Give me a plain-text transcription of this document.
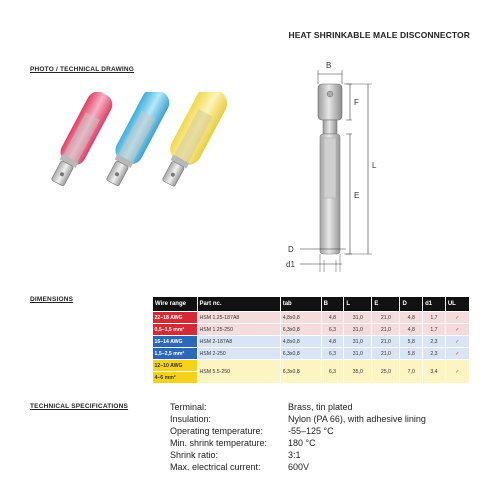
HEAT SHRINKABLE MALE DISCONNECTOR
PHOTO / TECHNICAL DRAWING	B
F
E
L
D
d1
DIMENSIONS
Wire range	Part nc.	tab	B	L	E	D	d1	UL
22–18 AWG	HSM 1.25-187A8	4,8x0,8	4,8	31,0	21,0	4,8	1,7	✓
0,5–1,5 mm²	HSM 1.25-250	6,3x0,8	6,3	31,0	21,0	4,8	1,7	✓
16–14 AWG	HSM 2-187A8	4,8x0,8	4,8	31,0	21,0	5,8	2,3	✓
1,5–2,5 mm²	HSM 2-250	6,3x0,8	6,3	31,0	21,0	5,8	2,3	✓
12–10 AWG	HSM 5.5-250	6,3x0,8	6,3	35,0	25,0	7,0	3,4	✓
4–6 mm²								
TECHNICAL SPECIFICATIONS	Terminal:	Brass, tin plated
Insulation:	Nylon (PA 66), with adhesive lining
Operating temperature:	-55–125 °C
Min. shrink temperature: 180 °C
Shrink ratio:	3:1
Max. electrical current:	600V
